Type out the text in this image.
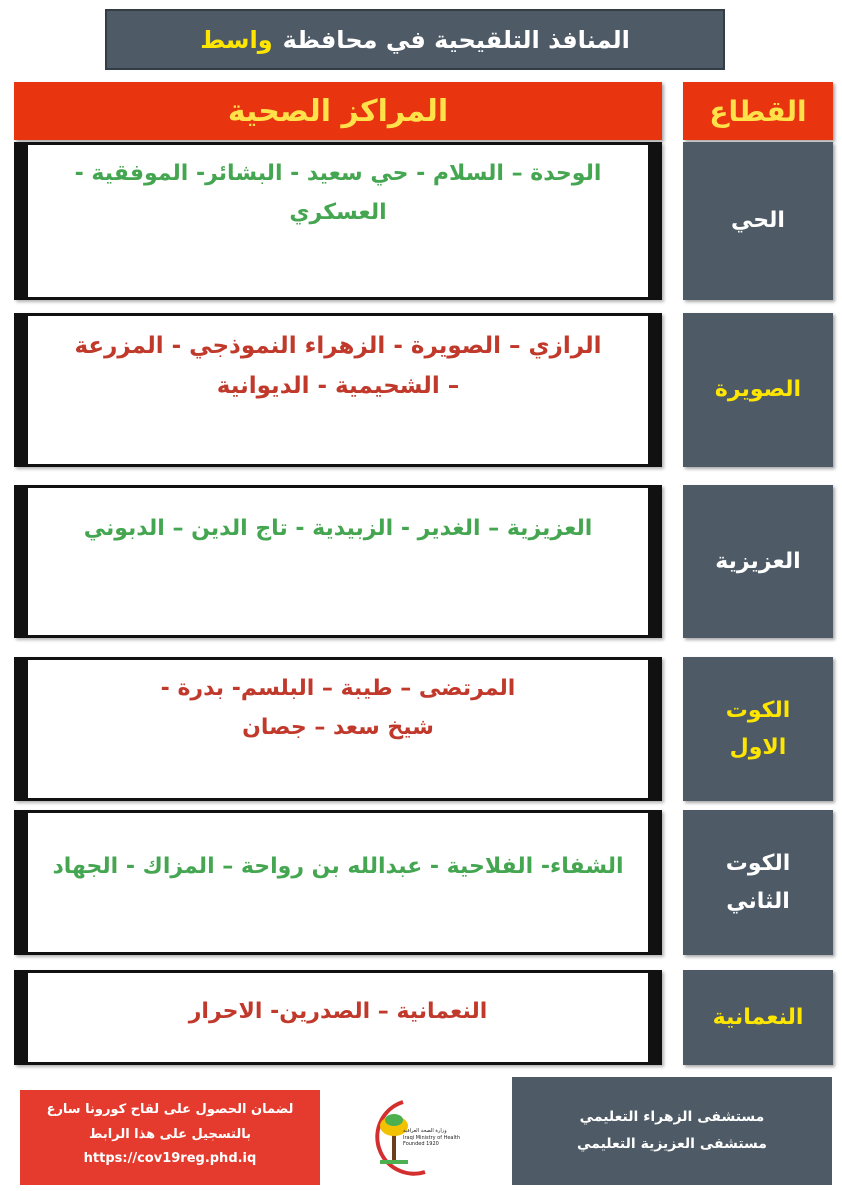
المنافذ التلقيحية في محافظة
واسط
المراكز الصحية	القطاع
الحي
الوحدة – السلام - حي سعيد - البشائر- الموفقية -
العسكري
الصويرة
الرازي – الصويرة - الزهراء النموذجي - المزرعة
– الشحيمية - الديوانية
العزيزية
العزيزية – الغدير - الزبيدية - تاج الدين – الدبوني
الكوت
الاول
المرتضى – طيبة – البلسم- بدرة -
شيخ سعد – جصان
الكوت
الثاني
الشفاء- الفلاحية - عبدالله بن رواحة – المزاك - الجهاد
النعمانية
النعمانية – الصدرين- الاحرار
لضمان الحصول على لقاح كورونا سارع
بالتسجيل على هذا الرابط

https://cov19reg.phd.iq
وزارة الصحة العراقية
Iraqi Ministry of Health
Founded 1920
مستشفى الزهراء التعليمي
مستشفى العزيزية التعليمي
